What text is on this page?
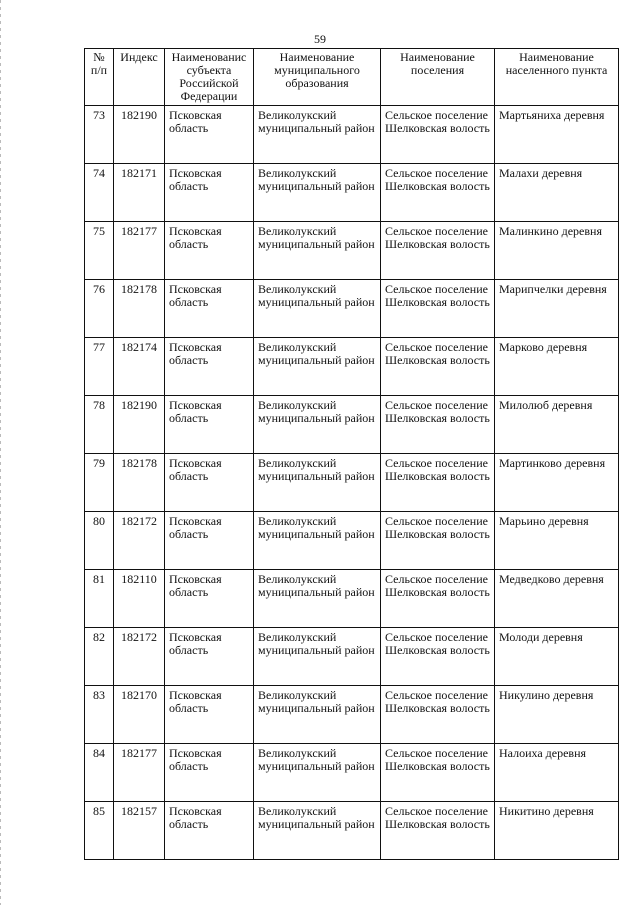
59
№ п/п	Индекс	Наименованис субъекта Российской Федерации	Наименование муниципального образования	Наименование поселения	Наименование населенного пункта
73	182190	Псковская область	Великолукский муниципальный район	Сельское поселение Шелковская волость	Мартьяниха деревня
74	182171	Псковская область	Великолукский муниципальный район	Сельское поселение Шелковская волость	Малахи деревня
75	182177	Псковская область	Великолукский муниципальный район	Сельское поселение Шелковская волость	Малинкино деревня
76	182178	Псковская область	Великолукский муниципальный район	Сельское поселение Шелковская волость	Марипчелки деревня
77	182174	Псковская область	Великолукский муниципальный район	Сельское поселение Шелковская волость	Марково деревня
78	182190	Псковская область	Великолукский муниципальный район	Сельское поселение Шелковская волость	Милолюб деревня
79	182178	Псковская область	Великолукский муниципальный район	Сельское поселение Шелковская волость	Мартинково деревня
80	182172	Псковская область	Великолукский муниципальный район	Сельское поселение Шелковская волость	Марьино деревня
81	182110	Псковская область	Великолукский муниципальный район	Сельское поселение Шелковская волость	Медведково деревня
82	182172	Псковская область	Великолукский муниципальный район	Сельское поселение Шелковская волость	Молоди деревня
83	182170	Псковская область	Великолукский муниципальный район	Сельское поселение Шелковская волость	Никулино деревня
84	182177	Псковская область	Великолукский муниципальный район	Сельское поселение Шелковская волость	Налоиха деревня
85	182157	Псковская область	Великолукский муниципальный район	Сельское поселение Шелковская волость	Никитино деревня
